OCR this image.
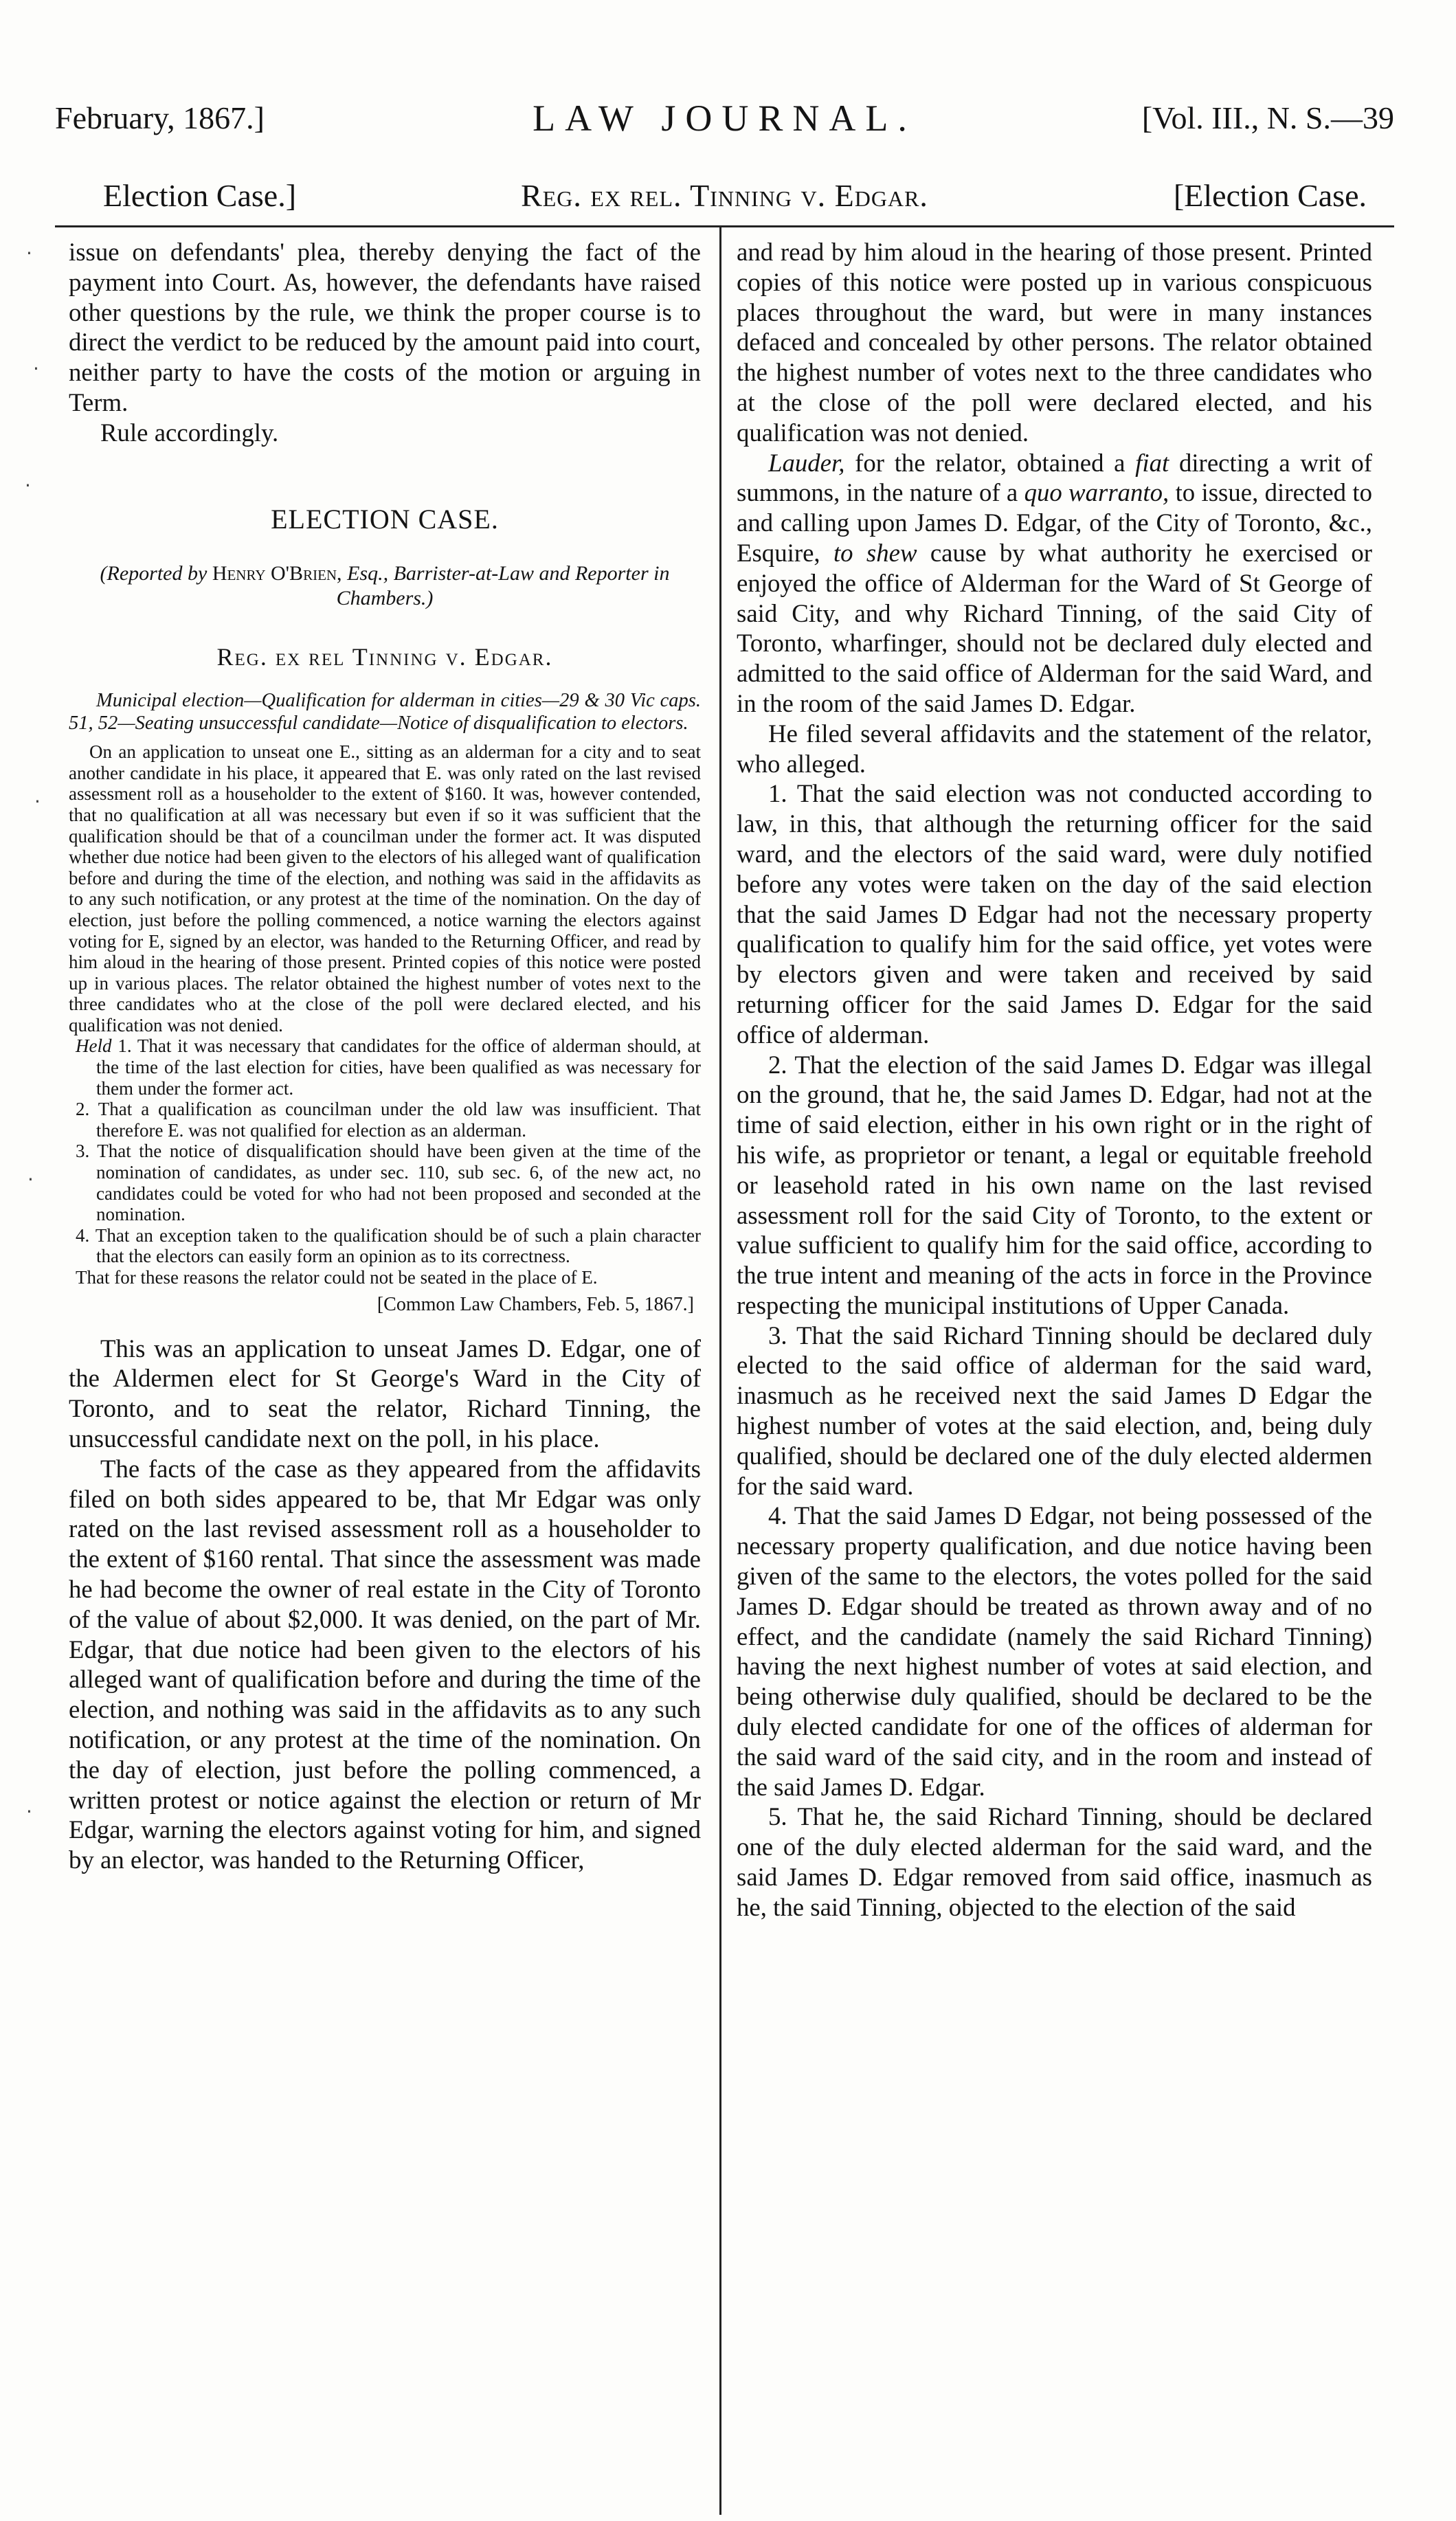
February, 1867.]	LAW JOURNAL.	[Vol. III., N. S.—39
Election Case.]	Reg. ex rel. Tinning v. Edgar.	[Election Case.

issue on defendants' plea, thereby denying the fact of the payment into Court. As, however, the defendants have raised other questions by the rule, we think the proper course is to direct the verdict to be reduced by the amount paid into court, neither party to have the costs of the motion or arguing in Term.

Rule accordingly.

ELECTION CASE.
(Reported by Henry O'Brien, Esq., Barrister-at-Law and Reporter in Chambers.)
Reg. ex rel Tinning v. Edgar.

Municipal election—Qualification for alderman in cities—29 & 30 Vic caps. 51, 52—Seating unsuccessful candidate—Notice of disqualification to electors.

On an application to unseat one E., sitting as an alderman for a city and to seat another candidate in his place, it appeared that E. was only rated on the last revised assessment roll as a householder to the extent of $160. It was, however contended, that no qualification at all was necessary but even if so it was sufficient that the qualification should be that of a councilman under the former act. It was disputed whether due notice had been given to the electors of his alleged want of qualification before and during the time of the election, and nothing was said in the affidavits as to any such notification, or any protest at the time of the nomination. On the day of election, just before the polling commenced, a notice warning the electors against voting for E, signed by an elector, was handed to the Returning Officer, and read by him aloud in the hearing of those present. Printed copies of this notice were posted up in various places. The relator obtained the highest number of votes next to the three candidates who at the close of the poll were declared elected, and his qualification was not denied.

Held 1. That it was necessary that candidates for the office of alderman should, at the time of the last election for cities, have been qualified as was necessary for them under the former act.

2. That a qualification as councilman under the old law was insufficient. That therefore E. was not qualified for election as an alderman.

3. That the notice of disqualification should have been given at the time of the nomination of candidates, as under sec. 110, sub sec. 6, of the new act, no candidates could be voted for who had not been proposed and seconded at the nomination.

4. That an exception taken to the qualification should be of such a plain character that the electors can easily form an opinion as to its correctness.

That for these reasons the relator could not be seated in the place of E.

[Common Law Chambers, Feb. 5, 1867.]

This was an application to unseat James D. Edgar, one of the Aldermen elect for St George's Ward in the City of Toronto, and to seat the relator, Richard Tinning, the unsuccessful candidate next on the poll, in his place.

The facts of the case as they appeared from the affidavits filed on both sides appeared to be, that Mr Edgar was only rated on the last revised assessment roll as a householder to the extent of $160 rental. That since the assessment was made he had become the owner of real estate in the City of Toronto of the value of about $2,000. It was denied, on the part of Mr. Edgar, that due notice had been given to the electors of his alleged want of qualification before and during the time of the election, and nothing was said in the affidavits as to any such notification, or any protest at the time of the nomination. On the day of election, just before the polling commenced, a written protest or notice against the election or return of Mr Edgar, warning the electors against voting for him, and signed by an elector, was handed to the Returning Officer,

and read by him aloud in the hearing of those present. Printed copies of this notice were posted up in various conspicuous places throughout the ward, but were in many instances defaced and concealed by other persons. The relator obtained the highest number of votes next to the three candidates who at the close of the poll were declared elected, and his qualification was not denied.

Lauder, for the relator, obtained a fiat directing a writ of summons, in the nature of a quo warranto, to issue, directed to and calling upon James D. Edgar, of the City of Toronto, &c., Esquire, to shew cause by what authority he exercised or enjoyed the office of Alderman for the Ward of St George of said City, and why Richard Tinning, of the said City of Toronto, wharfinger, should not be declared duly elected and admitted to the said office of Alderman for the said Ward, and in the room of the said James D. Edgar.

He filed several affidavits and the statement of the relator, who alleged.

1. That the said election was not conducted according to law, in this, that although the returning officer for the said ward, and the electors of the said ward, were duly notified before any votes were taken on the day of the said election that the said James D Edgar had not the necessary property qualification to qualify him for the said office, yet votes were by electors given and were taken and received by said returning officer for the said James D. Edgar for the said office of alderman.

2. That the election of the said James D. Edgar was illegal on the ground, that he, the said James D. Edgar, had not at the time of said election, either in his own right or in the right of his wife, as proprietor or tenant, a legal or equitable freehold or leasehold rated in his own name on the last revised assessment roll for the said City of Toronto, to the extent or value sufficient to qualify him for the said office, according to the true intent and meaning of the acts in force in the Province respecting the municipal institutions of Upper Canada.

3. That the said Richard Tinning should be declared duly elected to the said office of alderman for the said ward, inasmuch as he received next the said James D Edgar the highest number of votes at the said election, and, being duly qualified, should be declared one of the duly elected aldermen for the said ward.

4. That the said James D Edgar, not being possessed of the necessary property qualification, and due notice having been given of the same to the electors, the votes polled for the said James D. Edgar should be treated as thrown away and of no effect, and the candidate (namely the said Richard Tinning) having the next highest number of votes at said election, and being otherwise duly qualified, should be declared to be the duly elected candidate for one of the offices of alderman for the said ward of the said city, and in the room and instead of the said James D. Edgar.

5. That he, the said Richard Tinning, should be declared one of the duly elected alderman for the said ward, and the said James D. Edgar removed from said office, inasmuch as he, the said Tinning, objected to the election of the said

·
·
·
·
·
·
